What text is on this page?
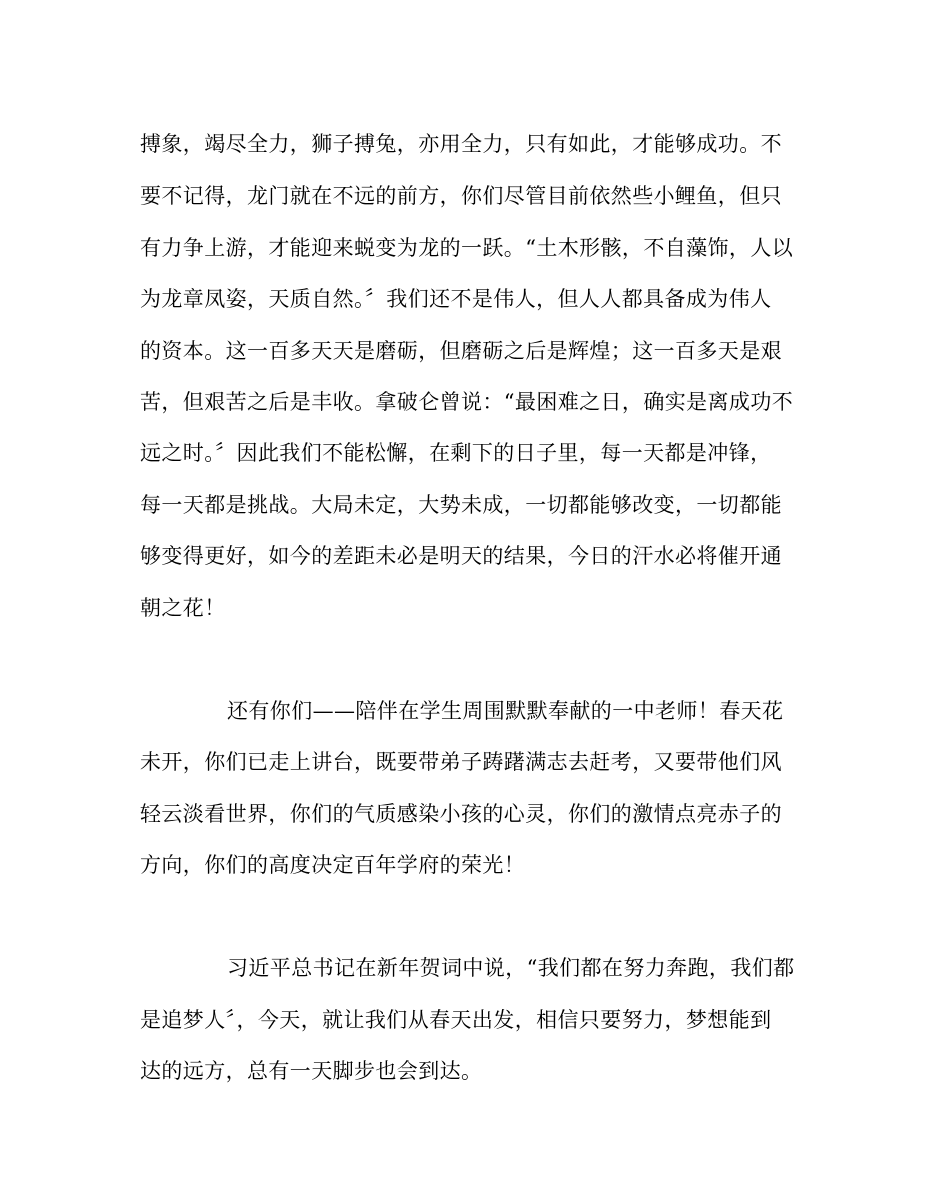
搏象，竭尽全力，狮子搏兔，亦用全力，只有如此，才能够成功。不
要不记得，龙门就在不远的前方，你们尽管目前依然些小鲤鱼，但只
有力争上游，才能迎来蜕变为龙的一跃。“土木形骸，不自藻饰，人以
为龙章凤姿，天质自然。〞我们还不是伟人，但人人都具备成为伟人
的资本。这一百多天天是磨砺，但磨砺之后是辉煌；这一百多天是艰
苦，但艰苦之后是丰收。拿破仑曾说：“最困难之日，确实是离成功不
远之时。〞因此我们不能松懈，在剩下的日子里，每一天都是冲锋，
每一天都是挑战。大局未定，大势未成，一切都能够改变，一切都能
够变得更好，如今的差距未必是明天的结果，今日的汗水必将催开通
朝之花！
还有你们——陪伴在学生周围默默奉献的一中老师！春天花
未开，你们已走上讲台，既要带弟子踌躇满志去赶考，又要带他们风
轻云淡看世界，你们的气质感染小孩的心灵，你们的激情点亮赤子的
方向，你们的高度决定百年学府的荣光！
习近平总书记在新年贺词中说，“我们都在努力奔跑，我们都
是追梦人〞，今天，就让我们从春天出发，相信只要努力，梦想能到
达的远方，总有一天脚步也会到达。
